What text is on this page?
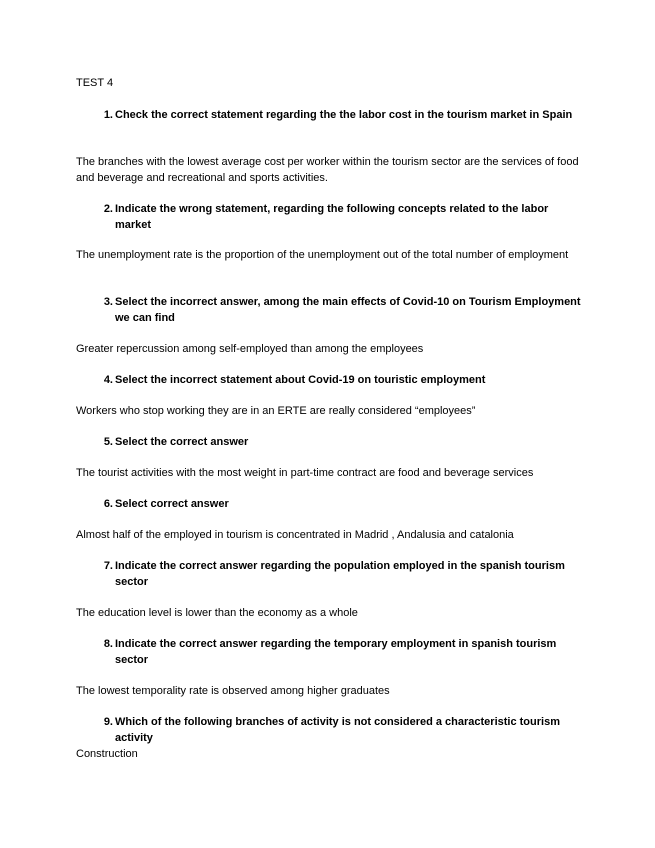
TEST 4
1. Check the correct statement regarding the the labor cost in the tourism market in Spain
The branches with the lowest average cost per worker within the tourism sector are the services of food and beverage and recreational and sports activities.
2. Indicate the wrong statement, regarding the following concepts related to the labor market
The unemployment rate is the proportion of the unemployment out of the total number of employment
3. Select the incorrect answer, among the main effects of Covid-10 on Tourism Employment we can find
Greater repercussion among self-employed than among the employees
4. Select the incorrect statement about Covid-19 on touristic employment
Workers who stop working they are in an ERTE are really considered “employees”
5. Select the correct answer
The tourist activities with the most weight in part-time contract are food and beverage services
6. Select correct answer
Almost half of the employed in tourism is concentrated in Madrid , Andalusia and catalonia
7. Indicate the correct answer regarding the population employed in the spanish tourism sector
The education level is lower than the economy as a whole
8. Indicate the correct answer regarding the temporary employment in spanish tourism sector
The lowest temporality rate is observed among higher graduates
9. Which of the following branches of activity is not considered a characteristic tourism activity
Construction
